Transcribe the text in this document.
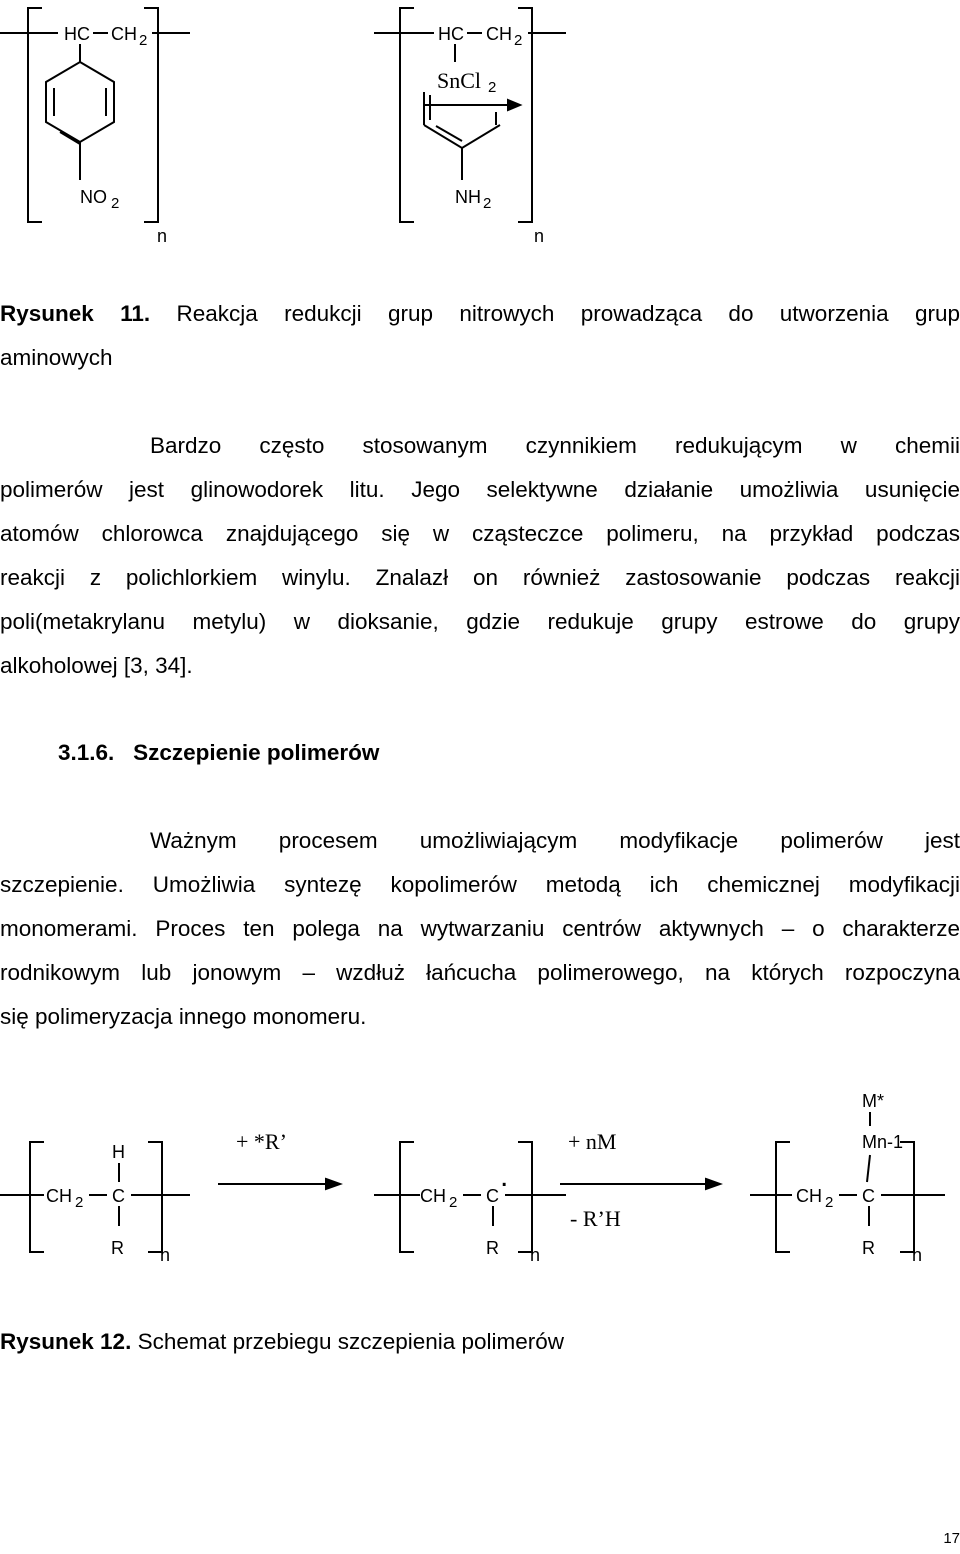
HC CH 2
NO 2
n
HC CH 2
SnCl 2
NH 2
n
Rysunek 11. Reakcja redukcji grup nitrowych prowadząca do utworzenia grup
aminowych
Bardzo często stosowanym czynnikiem redukującym w chemii
polimerów jest glinowodorek litu. Jego selektywne działanie umożliwia usunięcie
atomów chlorowca znajdującego się w cząsteczce polimeru, na przykład podczas
reakcji z polichlorkiem winylu. Znalazł on również zastosowanie podczas reakcji
poli(metakrylanu metylu) w dioksanie, gdzie redukuje grupy estrowe do grupy
alkoholowej [3, 34].
3.1.6. Szczepienie polimerów
Ważnym procesem umożliwiającym modyfikacje polimerów jest
szczepienie. Umożliwia syntezę kopolimerów metodą ich chemicznej modyfikacji
monomerami. Proces ten polega na wytwarzaniu centrów aktywnych – o charakterze
rodnikowym lub jonowym – wzdłuż łańcucha polimerowego, na których rozpoczyna
się polimeryzacja innego monomeru.
CH 2 C
H
R n
+ *R’
CH 2 C
.
R n
+ nM
- R’H
M*
Mn-1
CH 2 C
R n
Rysunek 12. Schemat przebiegu szczepienia polimerów
17
